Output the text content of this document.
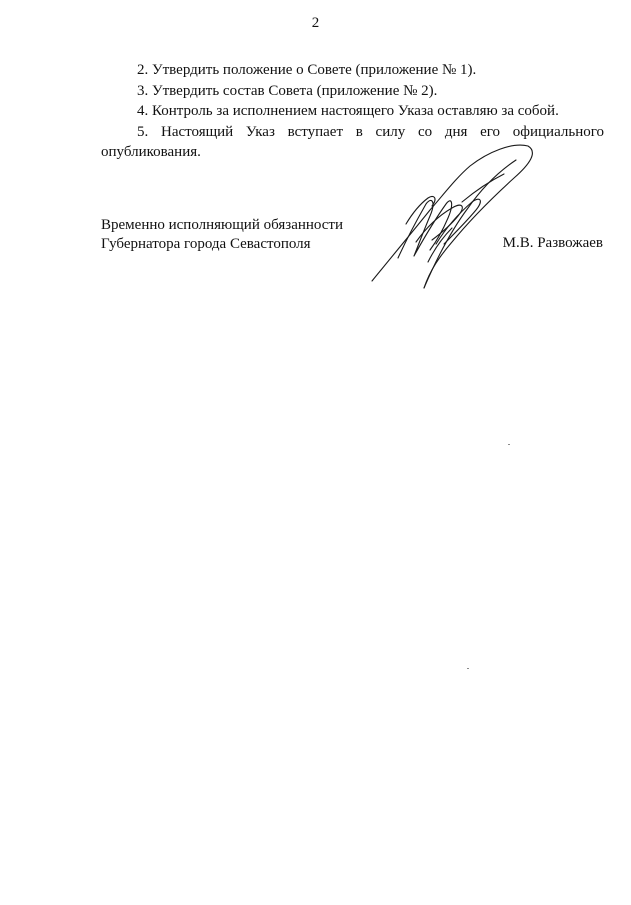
2

2 . Утвердить положение о Совете (приложение № 1).

3 . Утвердить состав Совета (приложение № 2).

4 . Контроль за исполнением настоящего Указа оставляю за собой.

5 . Настоящий Указ вступает в силу со дня его официального опубликования.

Временно исполняющий обязанности
Губернатора города Севастополя	М.В. Развожаев
